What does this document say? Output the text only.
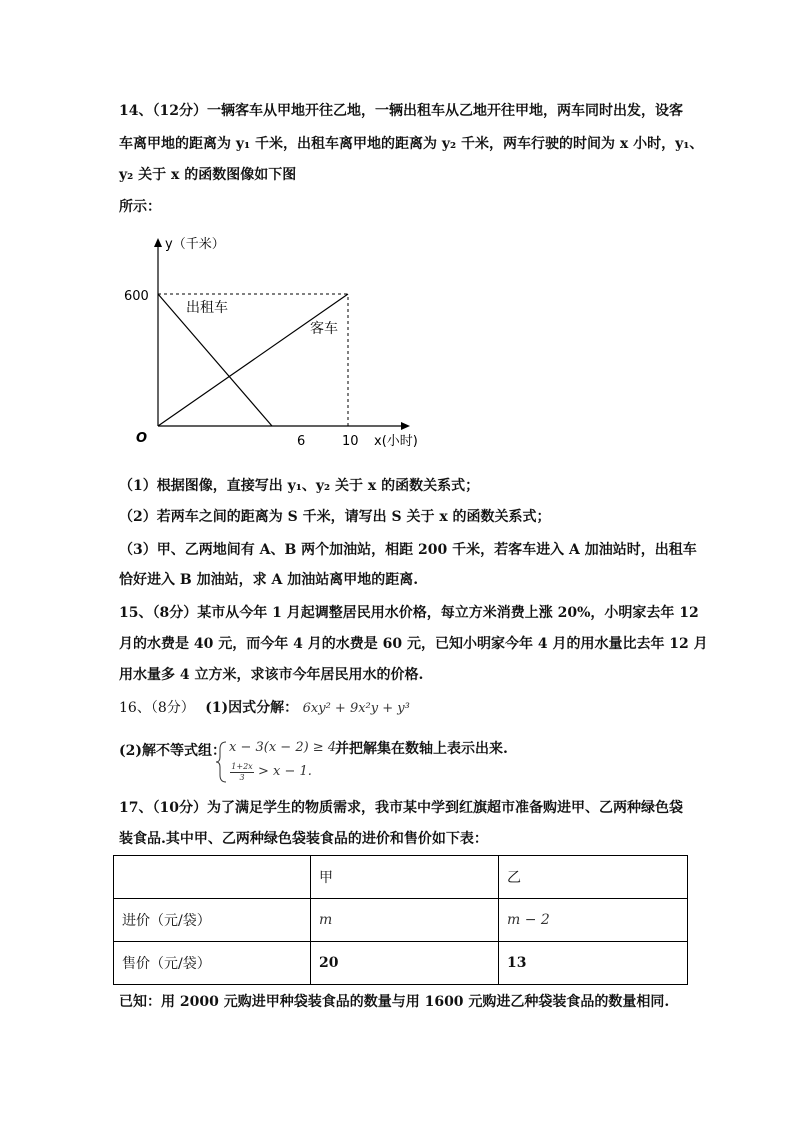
14、（12分）一辆客车从甲地开往乙地，一辆出租车从乙地开往甲地，两车同时出发，设客
车离甲地的距离为 y₁ 千米，出租车离甲地的距离为 y₂ 千米，两车行驶的时间为 x 小时，y₁、
y₂ 关于 x 的函数图像如下图
所示：
y（千米）
600
O	6	10 x(小时)
出租车
客车
（1）根据图像，直接写出 y₁、y₂ 关于 x 的函数关系式；
（2）若两车之间的距离为 S 千米，请写出 S 关于 x 的函数关系式；
（3）甲、乙两地间有 A、B 两个加油站，相距 200 千米，若客车进入 A 加油站时，出租车
恰好进入 B 加油站，求 A 加油站离甲地的距离.
15、（8分）某市从今年 1 月起调整居民用水价格，每立方米消费上涨 20%，小明家去年 12
月的水费是 40 元，而今年 4 月的水费是 60 元，已知小明家今年 4 月的用水量比去年 12 月
用水量多 4 立方米，求该市今年居民用水的价格.
16、（8分） (1)因式分解： 6xy² + 9x²y + y³
(2)解不等式组： x − 3(x − 2) ≥ 4,
$\frac{1+2x}{3} > x - 1$.
并把解集在数轴上表示出来.
17、（10分）为了满足学生的物质需求，我市某中学到红旗超市准备购进甲、乙两种绿色袋
装食品.其中甲、乙两种绿色袋装食品的进价和售价如下表：
	甲	乙
进价（元/袋）	m	m − 2
售价（元/袋）	20	13
已知：用 2000 元购进甲种袋装食品的数量与用 1600 元购进乙种袋装食品的数量相同.
